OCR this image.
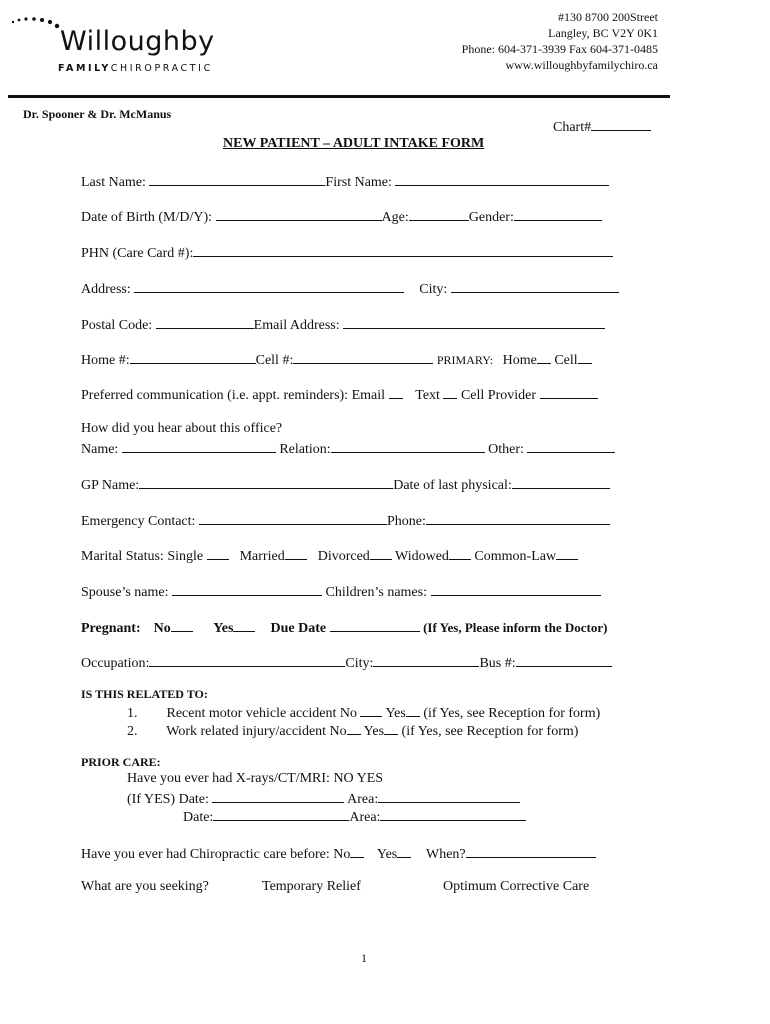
Willoughby
FAMILYCHIROPRACTIC
#130 8700 200Street
Langley, BC V2Y 0K1
Phone: 604-371-3939 Fax 604-371-0485
www.willoughbyfamilychiro.ca
Dr. Spooner & Dr. McManus
Chart#
NEW PATIENT – ADULT INTAKE FORM
Last Name:	First Name:
Date of Birth (M/D/Y):	Age:	Gender:
PHN (Care Card #):
Address:	City:
Postal Code:	Email Address:
Home #:	Cell #:	PRIMARY: Home Cell
Preferred communication (i.e. appt. reminders): Email Text Cell Provider
How did you hear about this office?
Name:	Relation:	Other:
GP Name:	Date of last physical:
Emergency Contact:	Phone:
Marital Status: Single	Married Divorced Widowed Common-Law
Spouse’s name:	Children’s names:
Pregnant: No	Yes	Due Date	(If Yes, Please inform the Doctor)
Occupation:	City:	Bus #:
IS THIS RELATED TO:
1. Recent motor vehicle accident No Yes (if Yes, see Reception for form)
2. Work related injury/accident No Yes (if Yes, see Reception for form)
PRIOR CARE:
Have you ever had X-rays/CT/MRI: NO YES
(If YES) Date:	Area:
Date:	Area:
Have you ever had Chiropractic care before: No Yes When?
What are you seeking?	Temporary Relief	Optimum Corrective Care
1
